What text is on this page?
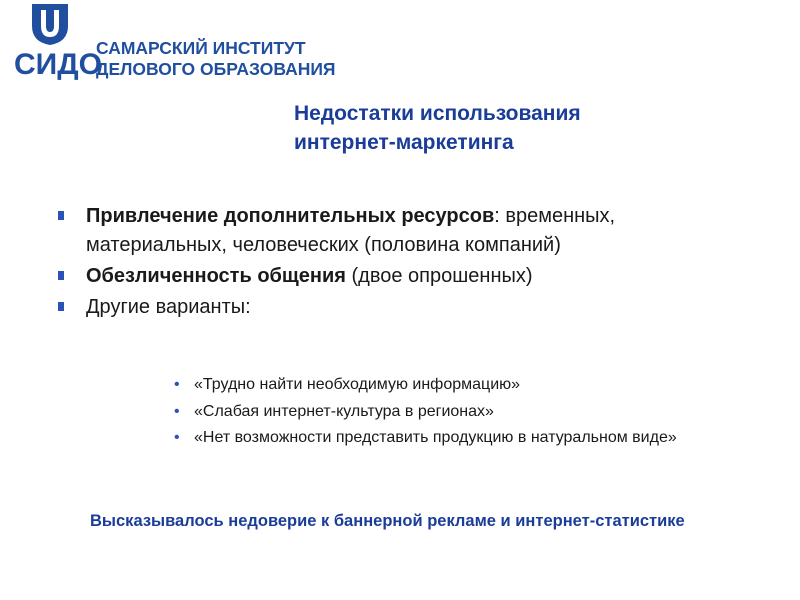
СИДО
САМАРСКИЙ ИНСТИТУТ
ДЕЛОВОГО ОБРАЗОВАНИЯ
Недостатки использования
интернет-маркетинга
Привлечение дополнительных ресурсов: временных, материальных, человеческих (половина компаний)
Обезличенность общения (двое опрошенных)
Другие варианты:
• «Трудно найти необходимую информацию»
• «Слабая интернет-культура в регионах»
• «Нет возможности представить продукцию в натуральном виде»
Высказывалось недоверие к баннерной рекламе и интернет-статистике
